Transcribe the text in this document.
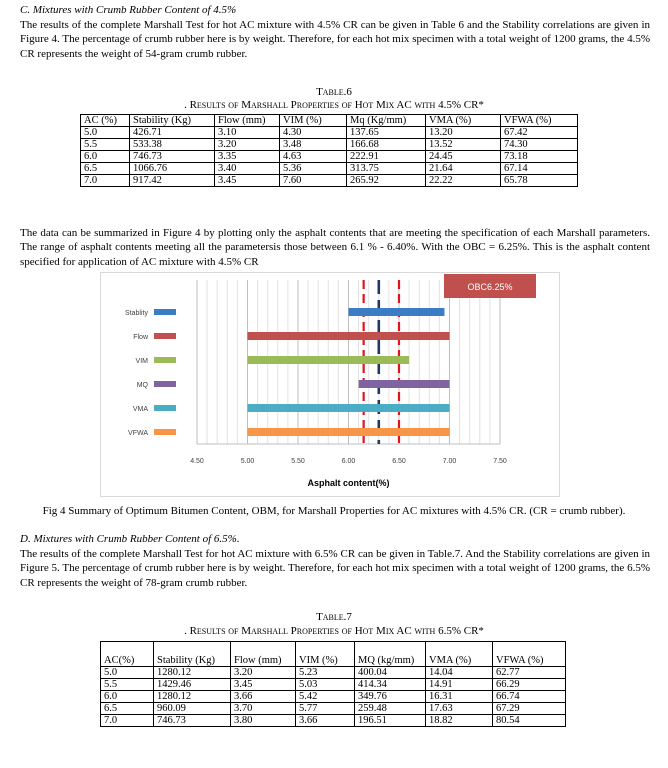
C. Mixtures with Crumb Rubber Content of 4.5%
The results of the complete Marshall Test for hot AC mixture with 4.5% CR can be given in Table 6 and the Stability correlations are given in Figure 4. The percentage of crumb rubber here is by weight. Therefore, for each hot mix specimen with a total weight of 1200 grams, the 4.5% CR represents the weight of 54-gram crumb rubber.
Table.6
. Results of Marshall Properties of Hot Mix AC with 4.5% CR*
AC (%)	Stability (Kg)	Flow (mm)	VIM (%)	Mq (Kg/mm)	VMA (%)	VFWA (%)
5.0	426.71	3.10	4.30	137.65	13.20	67.42
5.5	533.38	3.20	3.48	166.68	13.52	74.30
6.0	746.73	3.35	4.63	222.91	24.45	73.18
6.5	1066.76	3.40	5.36	313.75	21.64	67.14
7.0	917.42	3.45	7.60	265.92	22.22	65.78
The data can be summarized in Figure 4 by plotting only the asphalt contents that are meeting the specification of each Marshall parameters. The range of asphalt contents meeting all the parametersis those between 6.1 % - 6.40%. With the OBC = 6.25%. This is the asphalt content specified for application of AC mixture with 4.5% CR
Stablity
Flow
VIM
MQ
VMA
VFWA
4.50	5.00	5.50	6.00	6.50	7.00	7.50
Asphalt content(%)
OBC6.25%
Fig 4 Summary of Optimum Bitumen Content, OBM, for Marshall Properties for AC mixtures with 4.5% CR. (CR = crumb rubber).
D. Mixtures with Crumb Rubber Content of 6.5%.
The results of the complete Marshall Test for hot AC mixture with 6.5% CR can be given in Table.7. And the Stability correlations are given in Figure 5. The percentage of crumb rubber here is by weight. Therefore, for each hot mix specimen with a total weight of 1200 grams, the 6.5% CR represents the weight of 78-gram crumb rubber.
Table.7
. Results of Marshall Properties of Hot Mix AC with 6.5% CR*
AC(%)	Stability (Kg)	Flow (mm)	VIM (%)	MQ (kg/mm)	VMA (%)	VFWA (%)
5.0	1280.12	3.20	5.23	400.04	14.04	62.77
5.5	1429.46	3.45	5.03	414.34	14.91	66.29
6.0	1280.12	3.66	5.42	349.76	16.31	66.74
6.5	960.09	3.70	5.77	259.48	17.63	67.29
7.0	746.73	3.80	3.66	196.51	18.82	80.54
